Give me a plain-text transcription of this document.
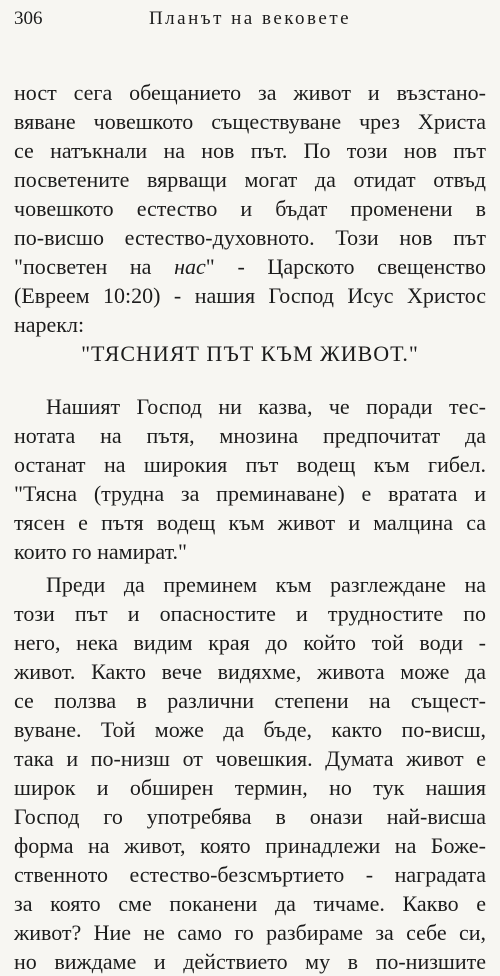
306	Планът на вековете
ност сега обещанието за живот и възстано-
вяване човешкото съществуване чрез Христа
се натъкнали на нов път. По този нов път
посветените вярващи могат да отидат отвъд
човешкото естество и бъдат променени в
по-висшо естество-духовното. Този нов път
"посветен на нас" - Царското свещенство
(Евреем 10:20) - нашия Господ Исус Христос
нарекл:
"ТЯСНИЯТ ПЪТ КЪМ ЖИВОТ."
Нашият Господ ни казва, че поради тес-
нотата на пътя, мнозина предпочитат да
останат на широкия път водещ към гибел.
"Тясна (трудна за преминаване) е вратата и
тясен е пътя водещ към живот и малцина са
които го намират."
Преди да преминем към разглеждане на
този път и опасностите и трудностите по
него, нека видим края до който той води -
живот. Както вече видяхме, живота може да
се ползва в различни степени на същест-
вуване. Той може да бъде, както по-висш,
така и по-низш от човешкия. Думата живот е
широк и обширен термин, но тук нашия
Господ го употребява в онази най-висша
форма на живот, която принадлежи на Боже-
ственното естество-безсмъртието - наградата
за която сме поканени да тичаме. Какво е
живот? Ние не само го разбираме за себе си,
но виждаме и действието му в по-низшите
